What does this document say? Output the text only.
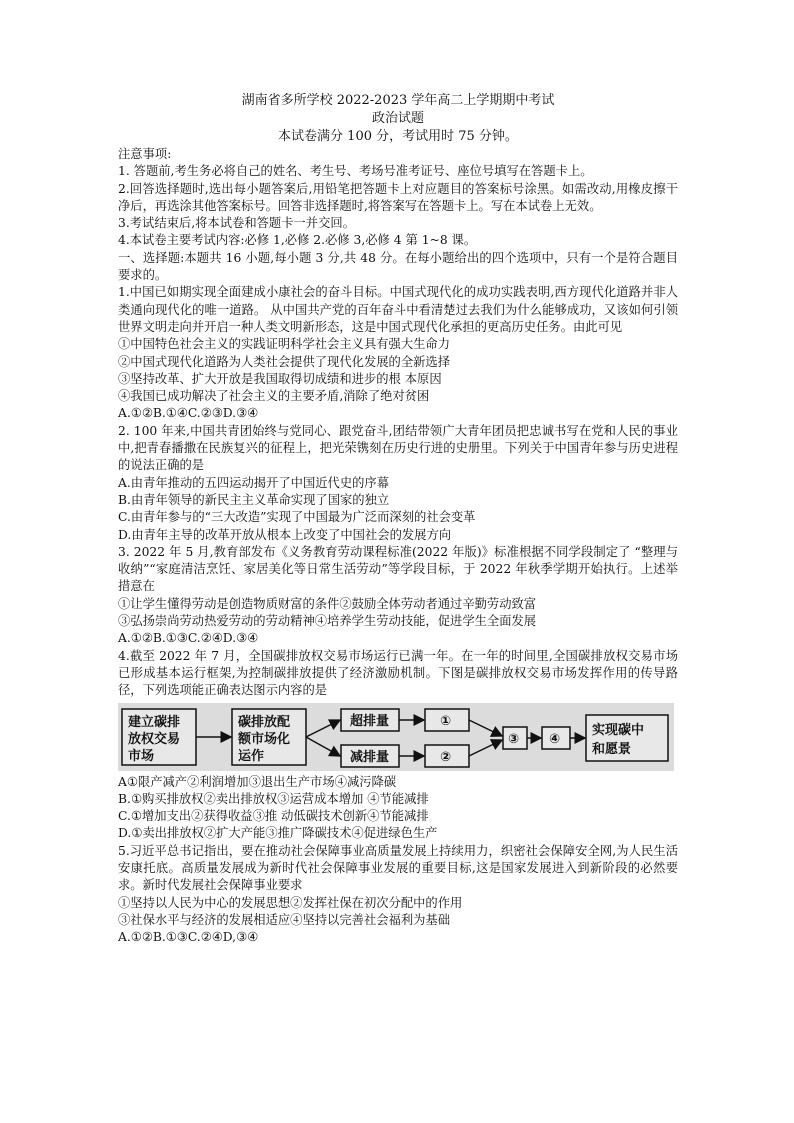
湖南省多所学校 2022-2023 学年高二上学期期中考试
政治试题
本试卷满分 100 分，考试用时 75 分钟。
注意事项:

1. 答题前,考生务必将自己的姓名、考生号、考场号准考证号、座位号填写在答题卡上。

2.回答选择题时,选出每小题答案后,用铅笔把答题卡上对应题目的答案标号涂黑。如需改动,用橡皮擦干净后，再选涂其他答案标号。回答非选择题时,将答案写在答题卡上。写在本试卷上无效。

3.考试结束后,将本试卷和答题卡一并交回。

4.本试卷主要考试内容:必修 1,必修 2.必修 3,必修 4 第 1~8 课。

一、选择题:本题共 16 小题,每小题 3 分,共 48 分。在每小题给出的四个选项中，只有一个是符合题目要求的。

1.中国已如期实现全面建成小康社会的奋斗目标。中国式现代化的成功实践表明,西方现代化道路并非人类通向现代化的唯一道路。 从中国共产党的百年奋斗中看清楚过去我们为什么能够成功，又该如何引领世界文明走向并开启一种人类文明新形态，这是中国式现代化承担的更高历史任务。由此可见

①中国特色社会主义的实践证明科学社会主义具有强大生命力

②中国式现代化道路为人类社会提供了现代化发展的全新选择

③坚持改革、扩大开放是我国取得切成绩和进步的根 本原因

④我国已成功解决了社会主义的主要矛盾,消除了绝对贫困

A.①②B.①④C.②③D.③④

2. 100 年来,中国共青团始终与党同心、跟党奋斗,团结带领广大青年团员把忠诚书写在党和人民的事业中,把青春播撒在民族复兴的征程上，把光荣镌刻在历史行进的史册里。下列关于中国青年参与历史进程的说法正确的是

A.由青年推动的五四运动揭开了中国近代史的序幕

B.由青年领导的新民主主义革命实现了国家的独立

C.由青年参与的“三大改造”实现了中国最为广泛而深刻的社会变革

D.由青年主导的改革开放从根本上改变了中国社会的发展方向

3. 2022 年 5 月,教育部发布《义务教育劳动课程标准(2022 年版)》标准根据不同学段制定了 “整理与收纳”“家庭清洁烹饪、家居美化等日常生活劳动”等学段目标，于 2022 年秋季学期开始执行。上述举措意在

①让学生懂得劳动是创造物质财富的条件②鼓励全体劳动者通过辛勤劳动致富

③弘扬崇尚劳动热爱劳动的劳动精神④培养学生劳动技能，促进学生全面发展

A.①②B.①③C.②④D.③④

4.截至 2022 年 7 月，全国碳排放权交易市场运行已满一年。在一年的时间里,全国碳排放权交易市场已形成基本运行框架,为控制碳排放提供了经济激励机制。下图是碳排放权交易市场发挥作用的传导路径，下列选项能正确表达图示内容的是

建立碳排
放权交易
市场
碳排放配
额市场化
运作
超排量	①
减排量	②
③ ④
实现碳中
和愿景

A①限产减产②利润增加③退出生产市场④减污降碳

B.①购买排放权②卖出排放权③运营成本增加 ④节能减排

C.①增加支出②获得收益③推 动低碳技术创新④节能减排

D.①卖出排放权②扩大产能③推广降碳技术④促进绿色生产

5.习近平总书记指出，要在推动社会保障事业高质量发展上持续用力，织密社会保障安全网,为人民生活安康托底。高质量发展成为新时代社会保障事业发展的重要目标,这是国家发展进入到新阶段的必然要求。新时代发展社会保障事业要求

①坚持以人民为中心的发展思想②发挥社保在初次分配中的作用

③社保水平与经济的发展相适应④坚持以完善社会福利为基础

A.①②B.①③C.②④D,③④
